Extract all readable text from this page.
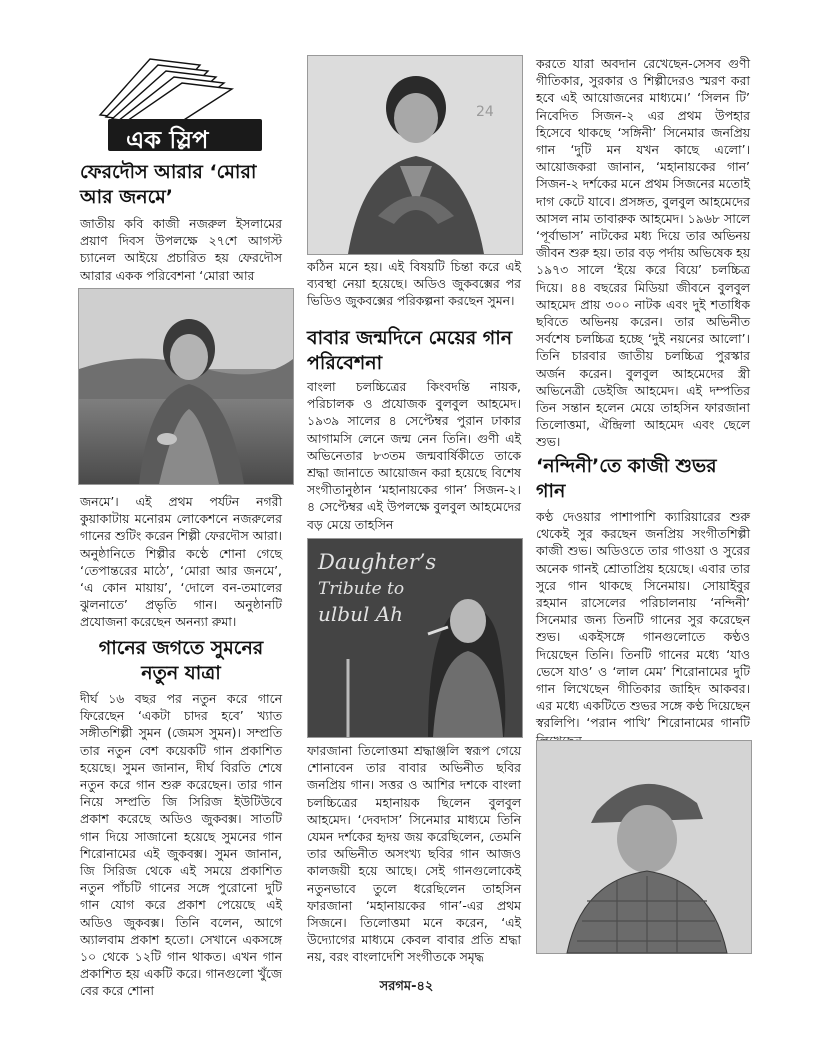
এক স্লিপ
ফেরদৌস আরার ‘মোরা আর জনমে’
জাতীয় কবি কাজী নজরুল ইসলামের প্রয়াণ দিবস উপলক্ষে ২৭শে আগস্ট চ্যানেল আইয়ে প্রচারিত হয় ফেরদৌস আরার একক পরিবেশনা ‘মোরা আর
জনমে’। এই প্রথম পর্যটন নগরী কুয়াকাটায় মনোরম লোকেশনে নজরুলের গানের শুটিং করেন শিল্পী ফেরদৌস আরা। অনুষ্ঠানিতে শিল্পীর কণ্ঠে শোনা গেছে ‘তেপান্তরের মাঠে’, ‘মোরা আর জনমে’, ‘এ কোন মায়ায়’, ‘দোলে বন-তমালের ঝুলনাতে’ প্রভৃতি গান। অনুষ্ঠানটি প্রযোজনা করেছেন অনন্যা রুমা।
গানের জগতে সুমনের নতুন যাত্রা
দীর্ঘ ১৬ বছর পর নতুন করে গানে ফিরেছেন ‘একটা চাদর হবে’ খ্যাত সঙ্গীতশিল্পী সুমন (জেমস সুমন)। সম্প্রতি তার নতুন বেশ কয়েকটি গান প্রকাশিত হয়েছে। সুমন জানান, দীর্ঘ বিরতি শেষে নতুন করে গান শুরু করেছেন। তার গান নিয়ে সম্প্রতি জি সিরিজ ইউটিউবে প্রকাশ করেছে অডিও জুকবক্স। সাতটি গান দিয়ে সাজানো হয়েছে সুমনের গান শিরোনামের এই জুকবক্স। সুমন জানান, জি সিরিজ থেকে এই সময়ে প্রকাশিত নতুন পাঁচটি গানের সঙ্গে পুরোনো দুটি গান যোগ করে প্রকাশ পেয়েছে এই অডিও জুকবক্স। তিনি বলেন, আগে অ্যালবাম প্রকাশ হতো। সেখানে একসঙ্গে ১০ থেকে ১২টি গান থাকত। এখন গান প্রকাশিত হয় একটি করে। গানগুলো খুঁজে বের করে শোনা
24
কঠিন মনে হয়। এই বিষয়টি চিন্তা করে এই ব্যবস্থা নেয়া হয়েছে। অডিও জুকবক্সের পর ভিডিও জুকবক্সের পরিকল্পনা করছেন সুমন।
বাবার জন্মদিনে মেয়ের গান পরিবেশনা
বাংলা চলচ্চিত্রের কিংবদন্তি নায়ক, পরিচালক ও প্রযোজক বুলবুল আহমেদ। ১৯৩৯ সালের ৪ সেপ্টেম্বর পুরান ঢাকার আগামসি লেনে জন্ম নেন তিনি। গুণী এই অভিনেতার ৮৩তম জন্মবার্ষিকীতে তাকে শ্রদ্ধা জানাতে আয়োজন করা হয়েছে বিশেষ সংগীতানুষ্ঠান ‘মহানায়কের গান’ সিজন-২। ৪ সেপ্টেম্বর এই উপলক্ষে বুলবুল আহমেদের বড় মেয়ে তাহসিন
Daughter’s
Tribute to
ulbul Ah
ফারজানা তিলোত্তমা শ্রদ্ধাঞ্জলি স্বরূপ গেয়ে শোনাবেন তার বাবার অভিনীত ছবির জনপ্রিয় গান। সত্তর ও আশির দশকে বাংলা চলচ্চিত্রের মহানায়ক ছিলেন বুলবুল আহমেদ। ‘দেবদাস’ সিনেমার মাধ্যমে তিনি যেমন দর্শকের হৃদয় জয় করেছিলেন, তেমনি তার অভিনীত অসংখ্য ছবির গান আজও কালজয়ী হয়ে আছে। সেই গানগুলোকেই নতুনভাবে তুলে ধরেছিলেন তাহসিন ফারজানা ‘মহানায়কের গান’-এর প্রথম সিজনে। তিলোত্তমা মনে করেন, ‘এই উদ্যোগের মাধ্যমে কেবল বাবার প্রতি শ্রদ্ধা নয়, বরং বাংলাদেশি সংগীতকে সমৃদ্ধ
করতে যারা অবদান রেখেছেন-সেসব গুণী গীতিকার, সুরকার ও শিল্পীদেরও স্মরণ করা হবে এই আয়োজনের মাধ্যমে।’ ‘সিলন টি’ নিবেদিত সিজন-২ এর প্রথম উপহার হিসেবে থাকছে ‘সঙ্গিনী’ সিনেমার জনপ্রিয় গান ‘দুটি মন যখন কাছে এলো’। আয়োজকরা জানান, ‘মহানায়কের গান’ সিজন-২ দর্শকের মনে প্রথম সিজনের মতোই দাগ কেটে যাবে। প্রসঙ্গত, বুলবুল আহমেদের আসল নাম তাবারুক আহমেদ। ১৯৬৮ সালে ‘পূর্বাভাস’ নাটকের মধ্য দিয়ে তার অভিনয় জীবন শুরু হয়। তার বড় পর্দায় অভিষেক হয় ১৯৭৩ সালে ‘ইয়ে করে বিয়ে’ চলচ্চিত্র দিয়ে। ৪৪ বছরের মিডিয়া জীবনে বুলবুল আহমেদ প্রায় ৩০০ নাটক এবং দুই শতাধিক ছবিতে অভিনয় করেন। তার অভিনীত সর্বশেষ চলচ্চিত্র হচ্ছে ‘দুই নয়নের আলো’। তিনি চারবার জাতীয় চলচ্চিত্র পুরস্কার অর্জন করেন। বুলবুল আহমেদের স্ত্রী অভিনেত্রী ডেইজি আহমেদ। এই দম্পতির তিন সন্তান হলেন মেয়ে তাহসিন ফারজানা তিলোত্তমা, ঐন্দ্রিলা আহমেদ এবং ছেলে শুভ।
‘নন্দিনী’তে কাজী শুভর গান
কণ্ঠ দেওয়ার পাশাপাশি ক্যারিয়ারের শুরু থেকেই সুর করছেন জনপ্রিয় সংগীতশিল্পী কাজী শুভ। অডিওতে তার গাওয়া ও সুরের অনেক গানই শ্রোতাপ্রিয় হয়েছে। এবার তার সুরে গান থাকছে সিনেমায়। সোয়াইবুর রহমান রাসেলের পরিচালনায় ‘নন্দিনী’ সিনেমার জন্য তিনটি গানের সুর করেছেন শুভ। একইসঙ্গে গানগুলোতে কণ্ঠও দিয়েছেন তিনি। তিনটি গানের মধ্যে ‘যাও ভেসে যাও’ ও ‘লাল মেম’ শিরোনামের দুটি গান লিখেছেন গীতিকার জাহিদ আকবর। এর মধ্যে একটিতে শুভর সঙ্গে কণ্ঠ দিয়েছেন স্বরলিপি। ‘পরান পাখি’ শিরোনামের গানটি
সরগম-৪২
